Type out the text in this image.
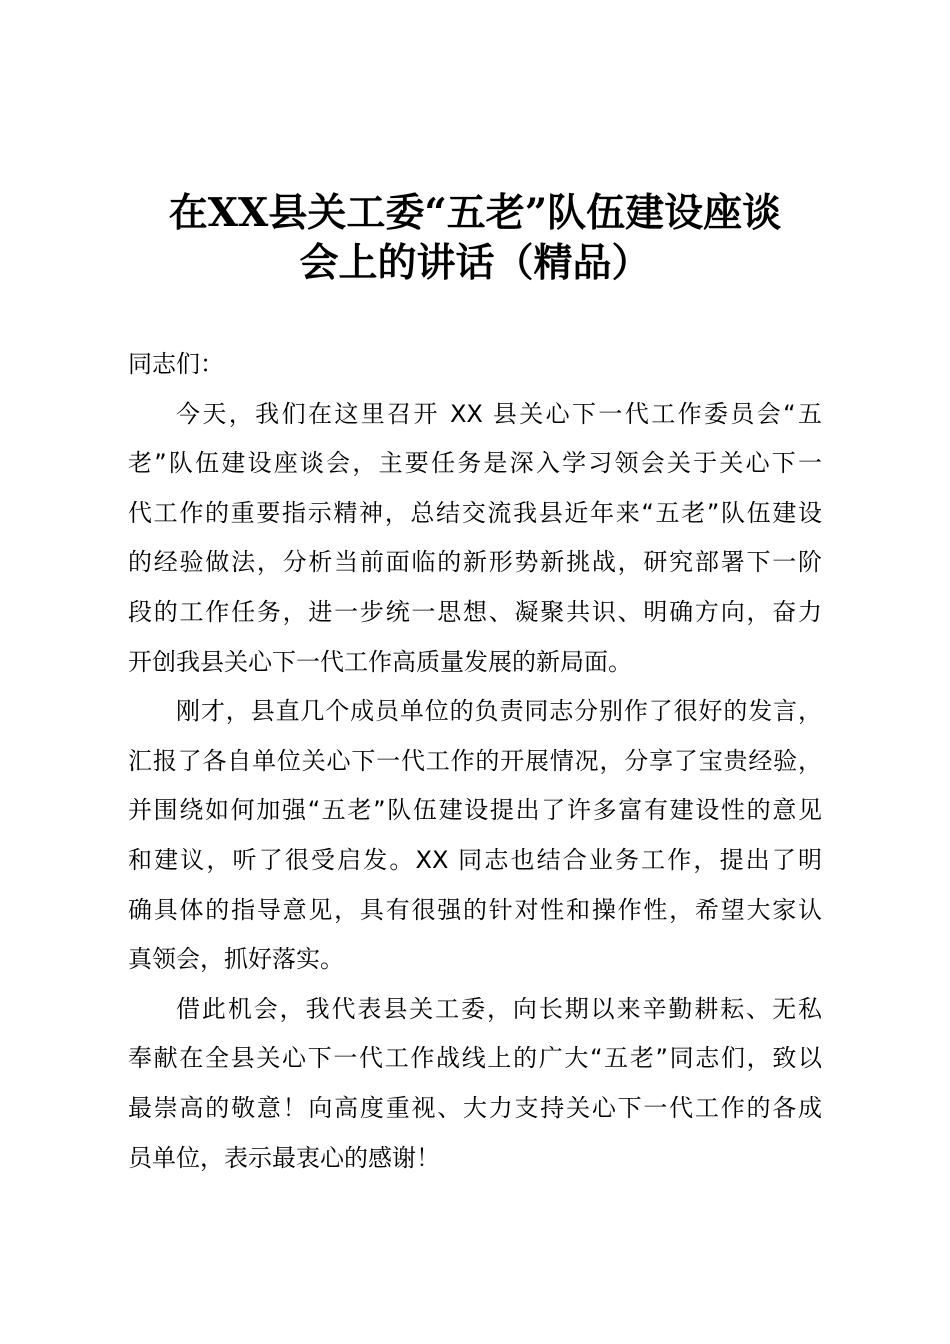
在XX县关工委“五老”队伍建设座谈
会上的讲话（精品）
同志们：
今天，我们在这里召开 XX 县关心下一代工作委员会“五
老”队伍建设座谈会，主要任务是深入学习领会关于关心下一
代工作的重要指示精神，总结交流我县近年来“五老”队伍建设
的经验做法，分析当前面临的新形势新挑战，研究部署下一阶
段的工作任务，进一步统一思想、凝聚共识、明确方向，奋力
开创我县关心下一代工作高质量发展的新局面。
刚才，县直几个成员单位的负责同志分别作了很好的发言，
汇报了各自单位关心下一代工作的开展情况，分享了宝贵经验，
并围绕如何加强“五老”队伍建设提出了许多富有建设性的意见
和建议，听了很受启发。XX 同志也结合业务工作，提出了明
确具体的指导意见，具有很强的针对性和操作性，希望大家认
真领会，抓好落实。
借此机会，我代表县关工委，向长期以来辛勤耕耘、无私
奉献在全县关心下一代工作战线上的广大“五老”同志们，致以
最崇高的敬意！向高度重视、大力支持关心下一代工作的各成
员单位，表示最衷心的感谢！
